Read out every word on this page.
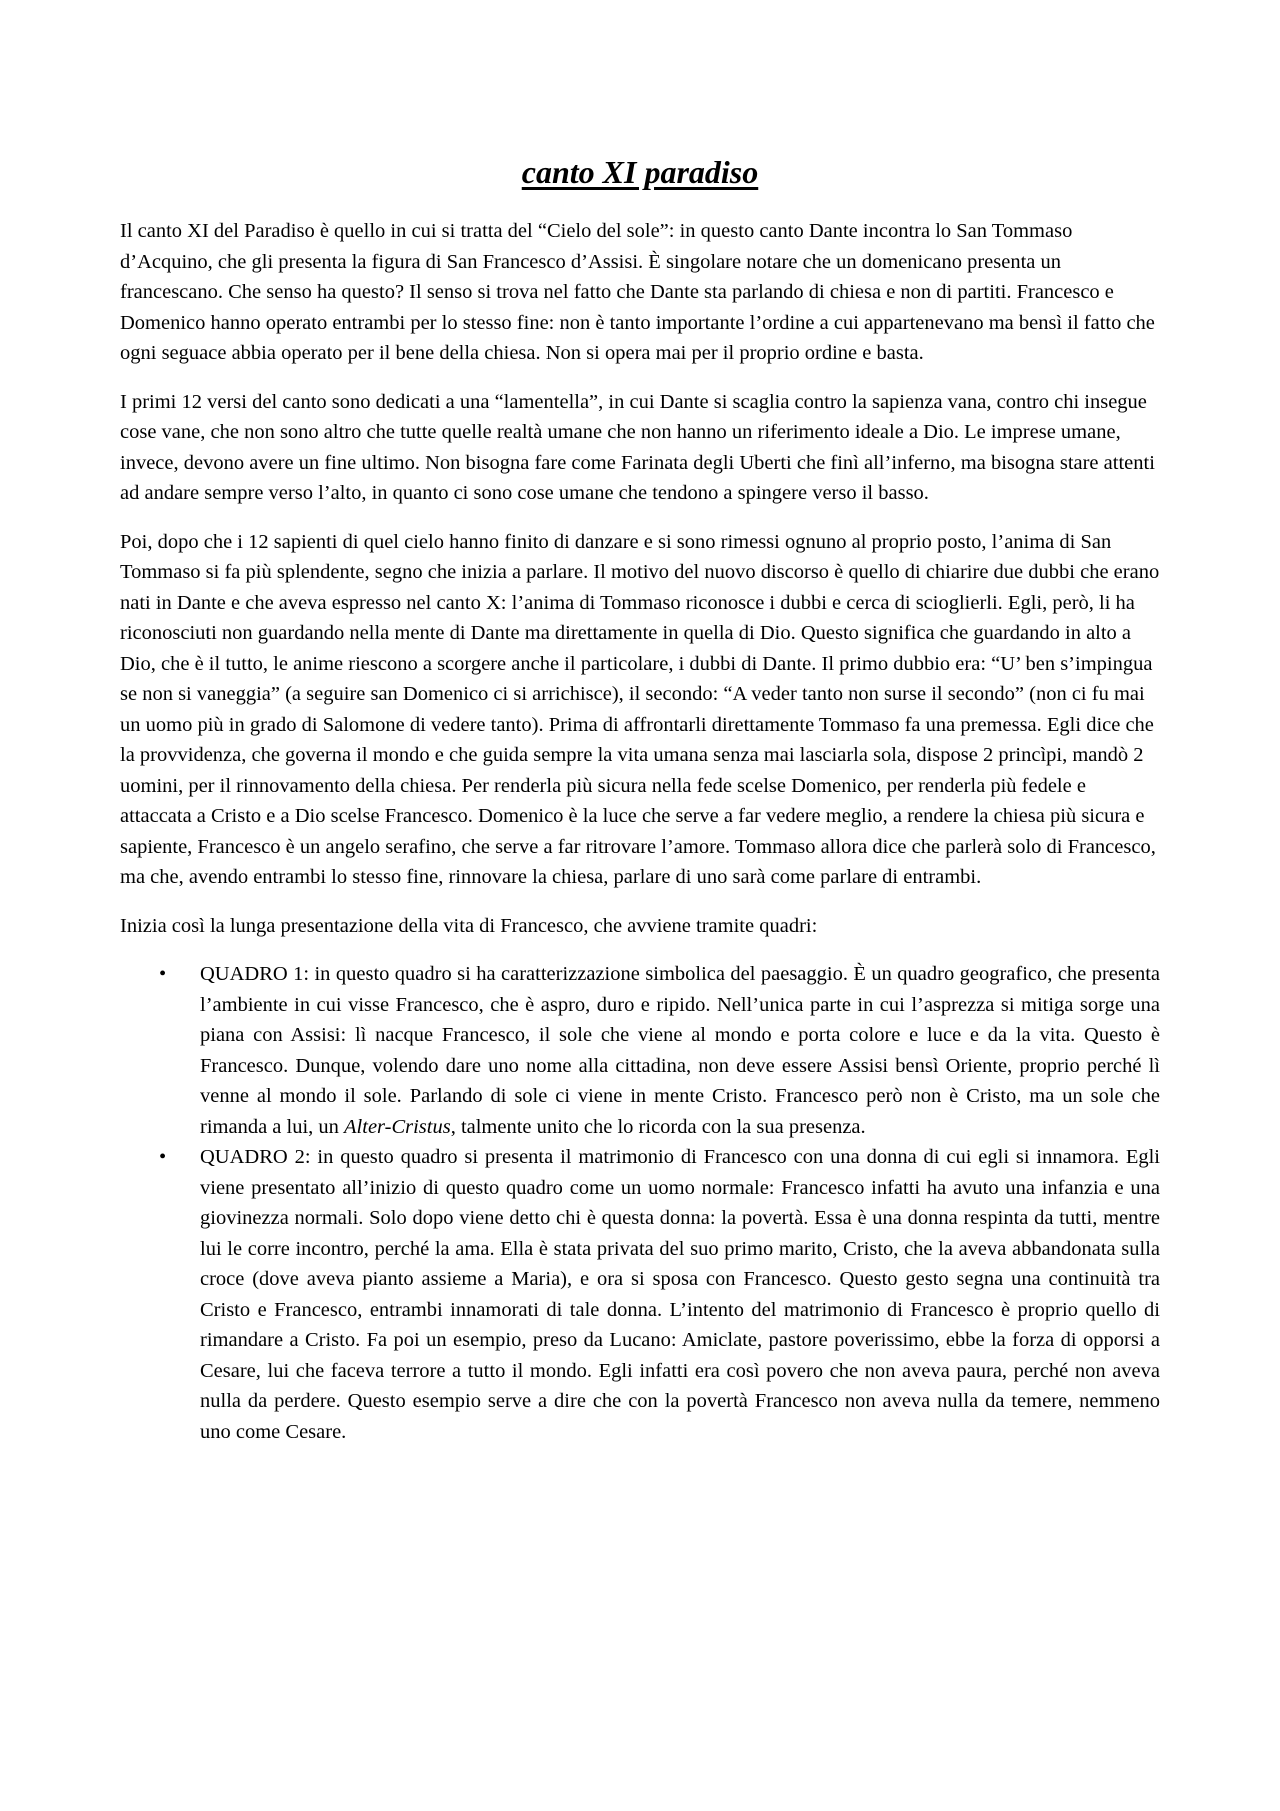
canto XI paradiso

Il canto XI del Paradiso è quello in cui si tratta del “Cielo del sole”: in questo canto Dante incontra lo San Tommaso d’Acquino, che gli presenta la figura di San Francesco d’Assisi. È singolare notare che un domenicano presenta un francescano. Che senso ha questo? Il senso si trova nel fatto che Dante sta parlando di chiesa e non di partiti. Francesco e Domenico hanno operato entrambi per lo stesso fine: non è tanto importante l’ordine a cui appartenevano ma bensì il fatto che ogni seguace abbia operato per il bene della chiesa. Non si opera mai per il proprio ordine e basta.

I primi 12 versi del canto sono dedicati a una “lamentella”, in cui Dante si scaglia contro la sapienza vana, contro chi insegue cose vane, che non sono altro che tutte quelle realtà umane che non hanno un riferimento ideale a Dio. Le imprese umane, invece, devono avere un fine ultimo. Non bisogna fare come Farinata degli Uberti che finì all’inferno, ma bisogna stare attenti ad andare sempre verso l’alto, in quanto ci sono cose umane che tendono a spingere verso il basso.

Poi, dopo che i 12 sapienti di quel cielo hanno finito di danzare e si sono rimessi ognuno al proprio posto, l’anima di San Tommaso si fa più splendente, segno che inizia a parlare. Il motivo del nuovo discorso è quello di chiarire due dubbi che erano nati in Dante e che aveva espresso nel canto X: l’anima di Tommaso riconosce i dubbi e cerca di scioglierli. Egli, però, li ha riconosciuti non guardando nella mente di Dante ma direttamente in quella di Dio. Questo significa che guardando in alto a Dio, che è il tutto, le anime riescono a scorgere anche il particolare, i dubbi di Dante. Il primo dubbio era: “U’ ben s’impingua se non si vaneggia” (a seguire san Domenico ci si arrichisce), il secondo: “A veder tanto non surse il secondo” (non ci fu mai un uomo più in grado di Salomone di vedere tanto). Prima di affrontarli direttamente Tommaso fa una premessa. Egli dice che la provvidenza, che governa il mondo e che guida sempre la vita umana senza mai lasciarla sola, dispose 2 princìpi, mandò 2 uomini, per il rinnovamento della chiesa. Per renderla più sicura nella fede scelse Domenico, per renderla più fedele e attaccata a Cristo e a Dio scelse Francesco. Domenico è la luce che serve a far vedere meglio, a rendere la chiesa più sicura e sapiente, Francesco è un angelo serafino, che serve a far ritrovare l’amore. Tommaso allora dice che parlerà solo di Francesco, ma che, avendo entrambi lo stesso fine, rinnovare la chiesa, parlare di uno sarà come parlare di entrambi.

Inizia così la lunga presentazione della vita di Francesco, che avviene tramite quadri:

• QUADRO 1: in questo quadro si ha caratterizzazione simbolica del paesaggio. È un quadro geografico, che presenta l’ambiente in cui visse Francesco, che è aspro, duro e ripido. Nell’unica parte in cui l’asprezza si mitiga sorge una piana con Assisi: lì nacque Francesco, il sole che viene al mondo e porta colore e luce e da la vita. Questo è Francesco. Dunque, volendo dare uno nome alla cittadina, non deve essere Assisi bensì Oriente, proprio perché lì venne al mondo il sole. Parlando di sole ci viene in mente Cristo. Francesco però non è Cristo, ma un sole che rimanda a lui, un Alter-Cristus, talmente unito che lo ricorda con la sua presenza.
• QUADRO 2: in questo quadro si presenta il matrimonio di Francesco con una donna di cui egli si innamora. Egli viene presentato all’inizio di questo quadro come un uomo normale: Francesco infatti ha avuto una infanzia e una giovinezza normali. Solo dopo viene detto chi è questa donna: la povertà. Essa è una donna respinta da tutti, mentre lui le corre incontro, perché la ama. Ella è stata privata del suo primo marito, Cristo, che la aveva abbandonata sulla croce (dove aveva pianto assieme a Maria), e ora si sposa con Francesco. Questo gesto segna una continuità tra Cristo e Francesco, entrambi innamorati di tale donna. L’intento del matrimonio di Francesco è proprio quello di rimandare a Cristo. Fa poi un esempio, preso da Lucano: Amiclate, pastore poverissimo, ebbe la forza di opporsi a Cesare, lui che faceva terrore a tutto il mondo. Egli infatti era così povero che non aveva paura, perché non aveva nulla da perdere. Questo esempio serve a dire che con la povertà Francesco non aveva nulla da temere, nemmeno uno come Cesare.
